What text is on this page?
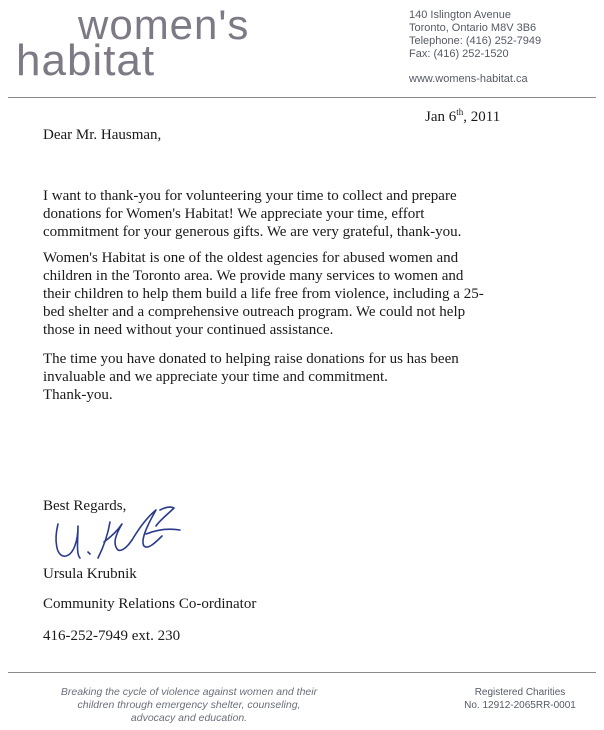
women's
habitat
140 Islington Avenue
Toronto, Ontario M8V 3B6
Telephone: (416) 252-7949
Fax: (416) 252-1520
www.womens-habitat.ca
Jan 6th, 2011
Dear Mr. Hausman,
I want to thank-you for volunteering your time to collect and prepare
donations for Women's Habitat! We appreciate your time, effort
commitment for your generous gifts. We are very grateful, thank-you.
Women's Habitat is one of the oldest agencies for abused women and
children in the Toronto area. We provide many services to women and
their children to help them build a life free from violence, including a 25-
bed shelter and a comprehensive outreach program. We could not help
those in need without your continued assistance.
The time you have donated to helping raise donations for us has been
invaluable and we appreciate your time and commitment.
Thank-you.
Best Regards,
Ursula Krubnik
Community Relations Co-ordinator
416-252-7949 ext. 230
Breaking the cycle of violence against women and their
children through emergency shelter, counseling,
advocacy and education.
Registered Charities
No. 12912-2065RR-0001
